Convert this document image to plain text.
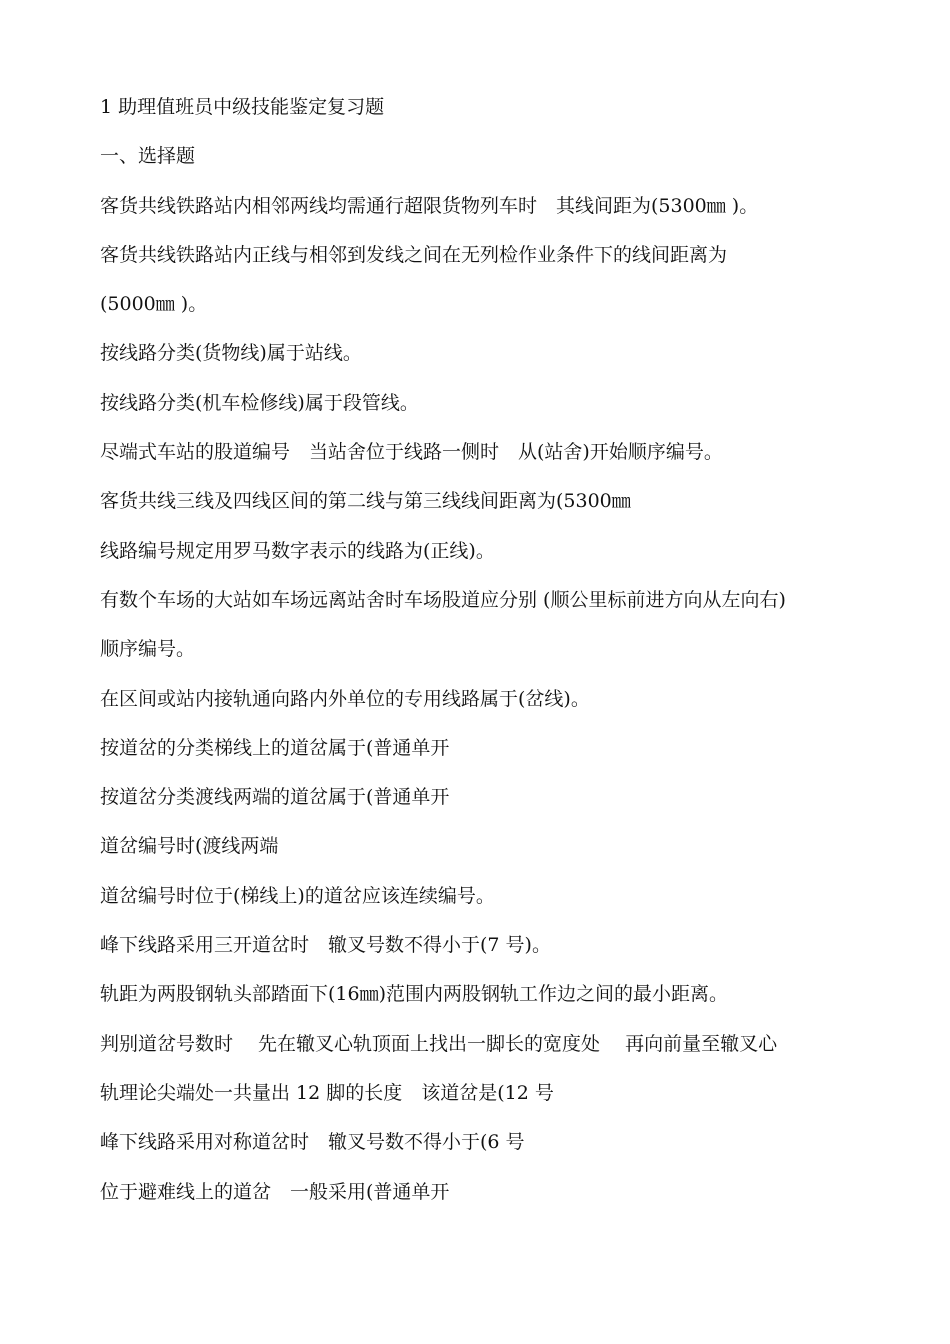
1 助理值班员中级技能鉴定复习题
一、选择题
客货共线铁路站内相邻两线均需通行超限货物列车时　其线间距为(5300㎜ )。
客货共线铁路站内正线与相邻到发线之间在无列检作业条件下的线间距离为
(5000㎜ )。
按线路分类(货物线)属于站线。
按线路分类(机车检修线)属于段管线。
尽端式车站的股道编号　当站舍位于线路一侧时　从(站舍)开始顺序编号。
客货共线三线及四线区间的第二线与第三线线间距离为(5300㎜
线路编号规定用罗马数字表示的线路为(正线)。
有数个车场的大站如车场远离站舍时车场股道应分别 (顺公里标前进方向从左向右)
顺序编号。
在区间或站内接轨通向路内外单位的专用线路属于(岔线)。
按道岔的分类梯线上的道岔属于(普通单开
按道岔分类渡线两端的道岔属于(普通单开
道岔编号时(渡线两端
道岔编号时位于(梯线上)的道岔应该连续编号。
峰下线路采用三开道岔时　辙叉号数不得小于(7 号)。
轨距为两股钢轨头部踏面下(16㎜)范围内两股钢轨工作边之间的最小距离。
判别道岔号数时　 先在辙叉心轨顶面上找出一脚长的宽度处　 再向前量至辙叉心
轨理论尖端处一共量出 12 脚的长度　该道岔是(12 号
峰下线路采用对称道岔时　辙叉号数不得小于(6 号
位于避难线上的道岔　一般采用(普通单开
